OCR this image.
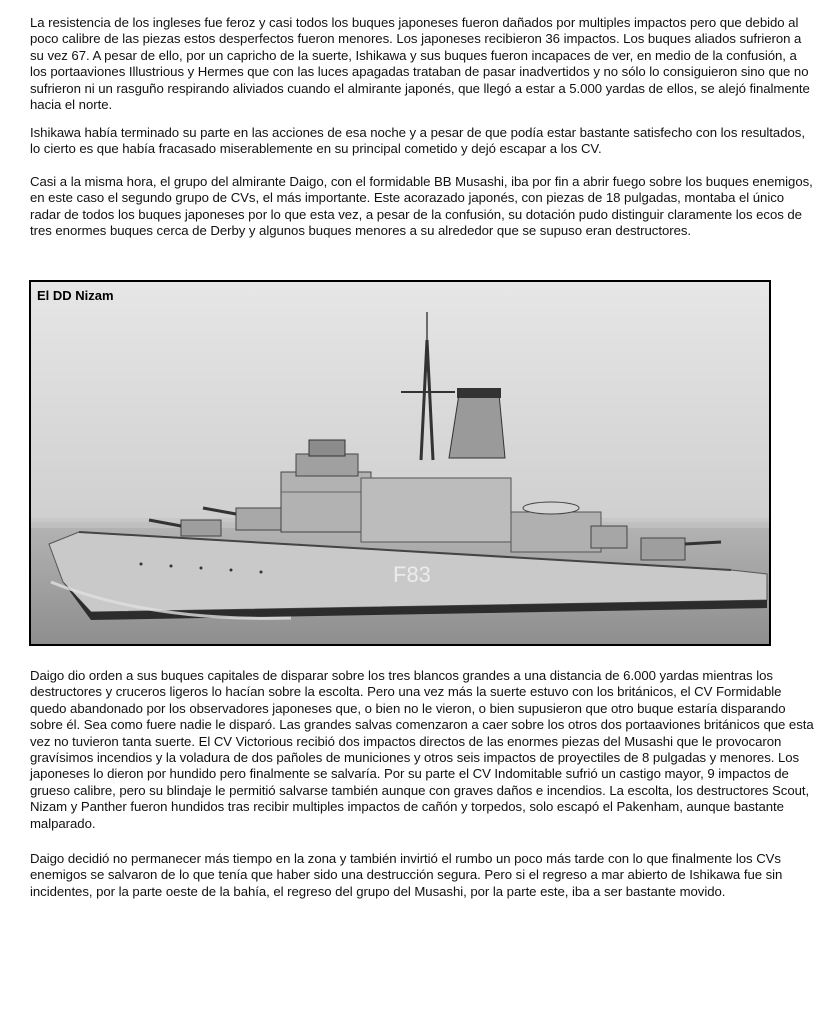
La resistencia de los ingleses fue feroz y casi todos los buques japoneses fueron dañados por multiples impactos pero que debido al poco calibre de las piezas estos desperfectos fueron menores. Los japoneses recibieron 36 impactos. Los buques aliados sufrieron a su vez 67. A pesar de ello, por un capricho de la suerte, Ishikawa y sus buques fueron incapaces de ver, en medio de la confusión, a los portaaviones Illustrious y Hermes que con las luces apagadas trataban de pasar inadvertidos y no sólo lo consiguieron sino que no sufrieron ni un rasguño respirando aliviados cuando el almirante japonés, que llegó a estar a 5.000 yardas de ellos, se alejó finalmente hacia el norte.

Ishikawa había terminado su parte en las acciones de esa noche y a pesar de que podía estar bastante satisfecho con los resultados, lo cierto es que había fracasado miserablemente en su principal cometido y dejó escapar a los CV.

Casi a la misma hora, el grupo del almirante Daigo, con el formidable BB Musashi, iba por fin a abrir fuego sobre los buques enemigos, en este caso el segundo grupo de CVs, el más importante. Este acorazado japonés, con piezas de 18 pulgadas, montaba el único radar de todos los buques japoneses por lo que esta vez, a pesar de la confusión, su dotación pudo distinguir claramente los ecos de tres enormes buques cerca de Derby y algunos buques menores a su alrededor que se supuso eran destructores.

El DD Nizam
F83

Daigo dio orden a sus buques capitales de disparar sobre los tres blancos grandes a una distancia de 6.000 yardas mientras los destructores y cruceros ligeros lo hacían sobre la escolta. Pero una vez más la suerte estuvo con los británicos, el CV Formidable quedo abandonado por los observadores japoneses que, o bien no le vieron, o bien supusieron que otro buque estaría disparando sobre él. Sea como fuere nadie le disparó. Las grandes salvas comenzaron a caer sobre los otros dos portaaviones británicos que esta vez no tuvieron tanta suerte. El CV Victorious recibió dos impactos directos de las enormes piezas del Musashi que le provocaron gravísimos incendios y la voladura de dos pañoles de municiones y otros seis impactos de proyectiles de 8 pulgadas y menores. Los japoneses lo dieron por hundido pero finalmente se salvaría. Por su parte el CV Indomitable sufrió un castigo mayor, 9 impactos de grueso calibre, pero su blindaje le permitió salvarse también aunque con graves daños e incendios. La escolta, los destructores Scout, Nizam y Panther fueron hundidos tras recibir multiples impactos de cañón y torpedos, solo escapó el Pakenham, aunque bastante malparado.

Daigo decidió no permanecer más tiempo en la zona y también invirtió el rumbo un poco más tarde con lo que finalmente los CVs enemigos se salvaron de lo que tenía que haber sido una destrucción segura. Pero si el regreso a mar abierto de Ishikawa fue sin incidentes, por la parte oeste de la bahía, el regreso del grupo del Musashi, por la parte este, iba a ser bastante movido.
